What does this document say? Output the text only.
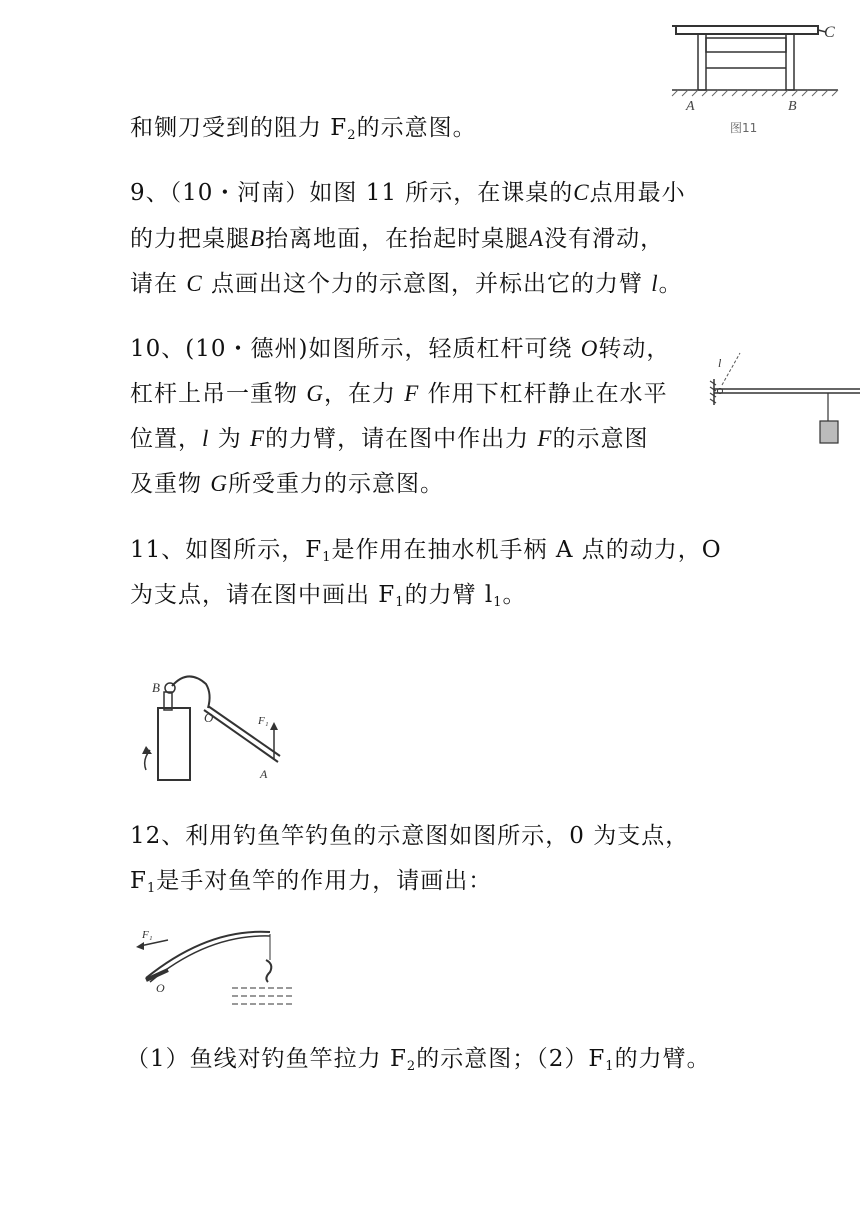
C
A	B
图11
和铡刀受到的阻力 $F_2$的示意图。
9、（10・河南）如图 11 所示，在课桌的C点用最小
的力把桌腿B抬离地面，在抬起时桌腿A没有滑动，
请在 C 点画出这个力的示意图，并标出它的力臂 l。
10、(10・德州)如图所示，轻质杠杆可绕 O转动，
杠杆上吊一重物 G，在力 F 作用下杠杆静止在水平
位置，l 为 F的力臂，请在图中作出力 F的示意图
及重物 G所受重力的示意图。
l
11、如图所示，$F_1$是作用在抽水机手柄 A 点的动力，O
为支点，请在图中画出 $F_1$的力臂 $l_1$。
B
O	F₁
A
12、利用钓鱼竿钓鱼的示意图如图所示，0 为支点，
$F_1$是手对鱼竿的作用力，请画出：
F₁
O
（1）鱼线对钓鱼竿拉力 $F_2$的示意图；$(2)F_1$的力臂。
